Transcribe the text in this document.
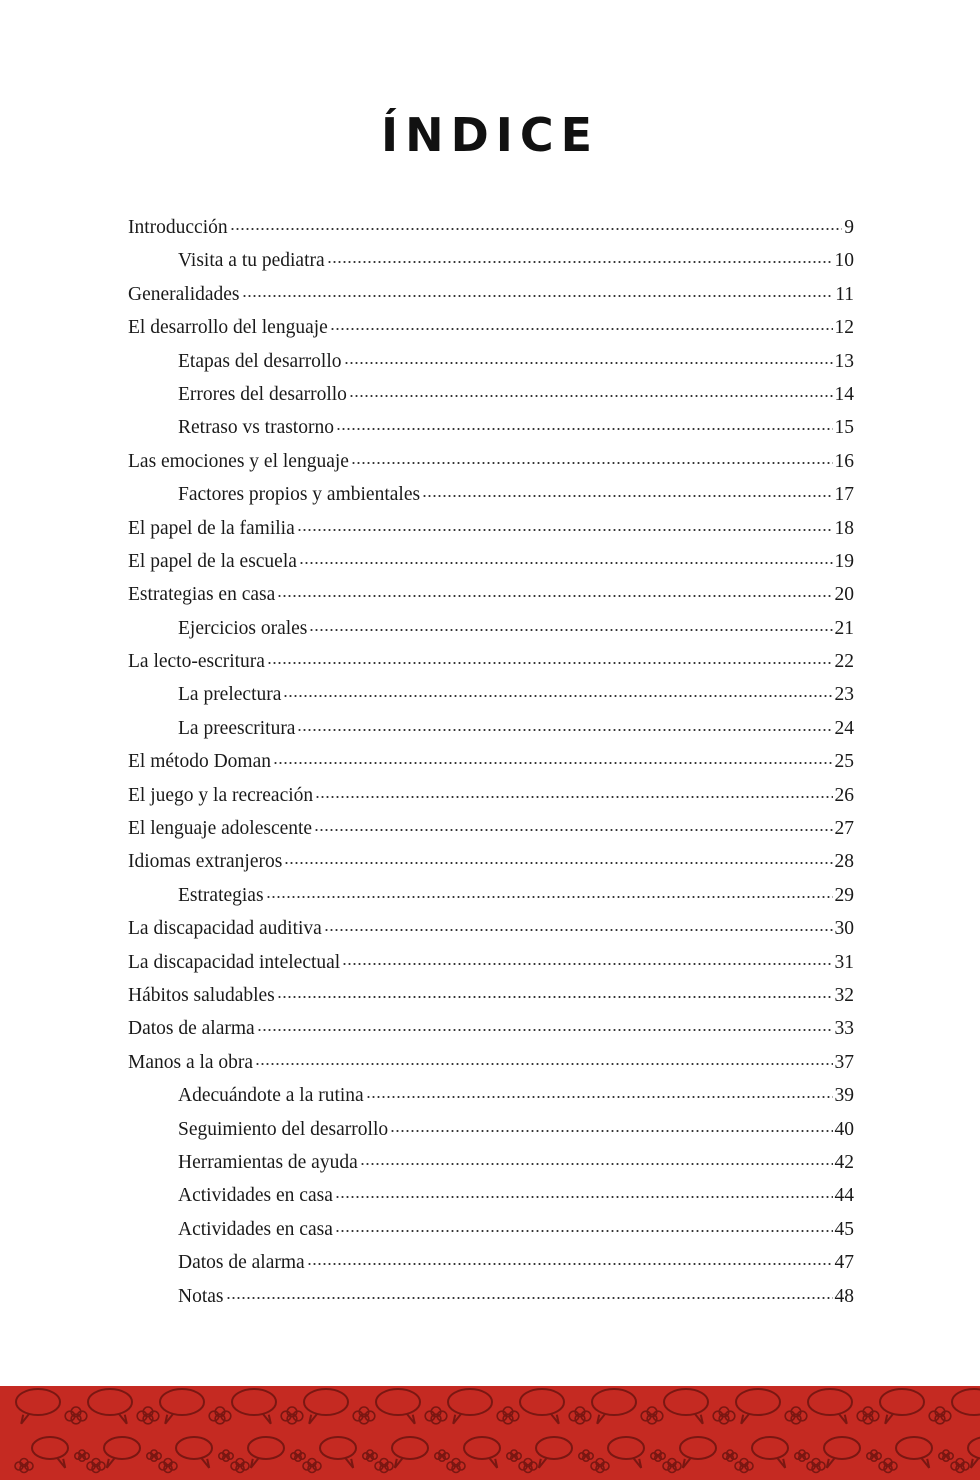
ÍNDICE
Introducción	9
Visita a tu pediatra	10
Generalidades	11
El desarrollo del lenguaje	12
Etapas del desarrollo	13
Errores del desarrollo	14
Retraso vs trastorno	15
Las emociones y el lenguaje	16
Factores propios y ambientales	17
El papel de la familia	18
El papel de la escuela	19
Estrategias en casa	20
Ejercicios orales	21
La lecto-escritura	22
La prelectura	23
La preescritura	24
El método Doman	25
El juego y la recreación	26
El lenguaje adolescente	27
Idiomas extranjeros	28
Estrategias	29
La discapacidad auditiva	30
La discapacidad intelectual	31
Hábitos saludables	32
Datos de alarma	33
Manos a la obra	37
Adecuándote a la rutina	39
Seguimiento del desarrollo	40
Herramientas de ayuda	42
Actividades en casa	44
Actividades en casa	45
Datos de alarma	47
Notas	48
